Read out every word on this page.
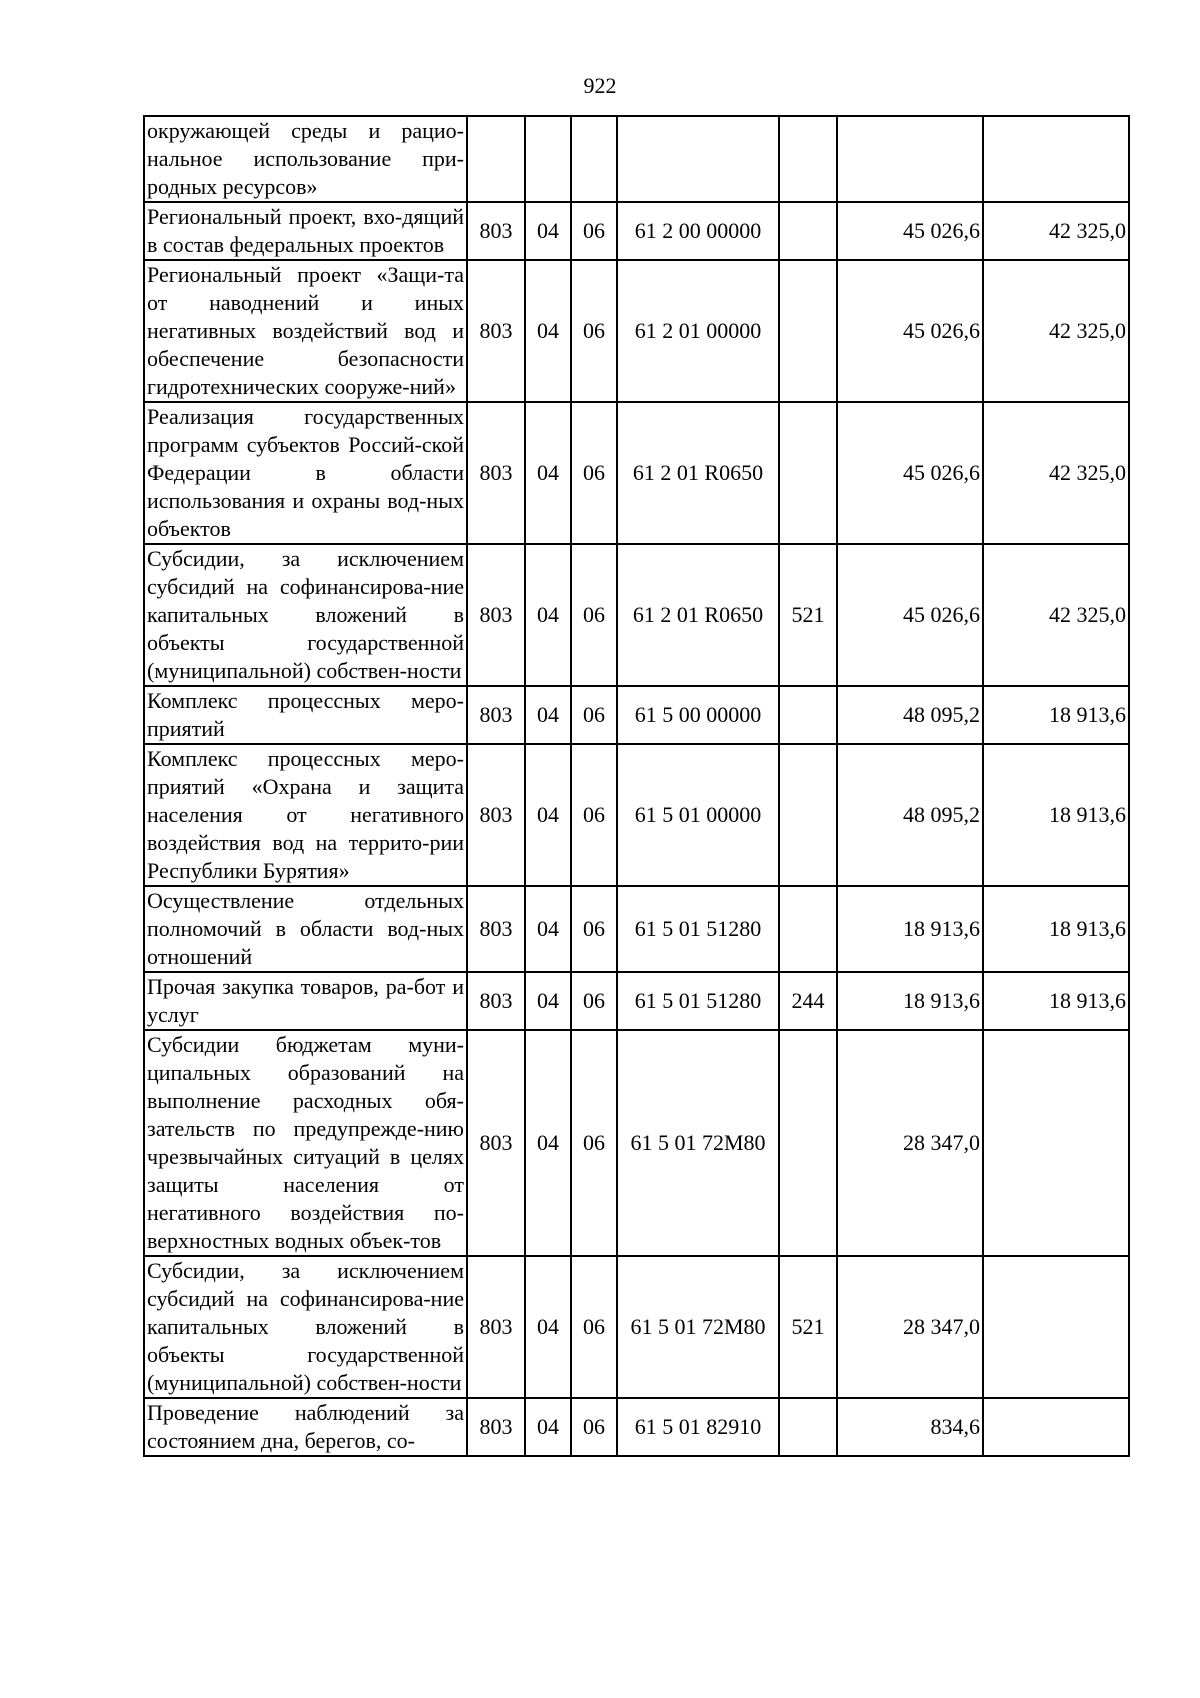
922
окружающей среды и рацио-нальное использование при-родных ресурсов»							
Региональный проект, вхо-дящий в состав федеральных проектов	803	04	06	61 2 00 00000		45 026,6	42 325,0
Региональный проект «Защи-та от наводнений и иных негативных воздействий вод и обеспечение безопасности гидротехнических сооруже-ний»	803	04	06	61 2 01 00000		45 026,6	42 325,0
Реализация государственных программ субъектов Россий-ской Федерации в области использования и охраны вод-ных объектов	803	04	06	61 2 01 R0650		45 026,6	42 325,0
Субсидии, за исключением субсидий на софинансирова-ние капитальных вложений в объекты государственной (муниципальной) собствен-ности	803	04	06	61 2 01 R0650	521	45 026,6	42 325,0
Комплекс процессных меро-приятий	803	04	06	61 5 00 00000		48 095,2	18 913,6
Комплекс процессных меро-приятий «Охрана и защита населения от негативного воздействия вод на террито-рии Республики Бурятия»	803	04	06	61 5 01 00000		48 095,2	18 913,6
Осуществление отдельных полномочий в области вод-ных отношений	803	04	06	61 5 01 51280		18 913,6	18 913,6
Прочая закупка товаров, ра-бот и услуг	803	04	06	61 5 01 51280	244	18 913,6	18 913,6
Субсидии бюджетам муни-ципальных образований на выполнение расходных обя-зательств по предупрежде-нию чрезвычайных ситуаций в целях защиты населения от негативного воздействия по-верхностных водных объек-тов	803	04	06	61 5 01 72M80		28 347,0	
Субсидии, за исключением субсидий на софинансирова-ние капитальных вложений в объекты государственной (муниципальной) собствен-ности	803	04	06	61 5 01 72M80	521	28 347,0	
Проведение наблюдений за состоянием дна, берегов, со-	803	04	06	61 5 01 82910		834,6	
